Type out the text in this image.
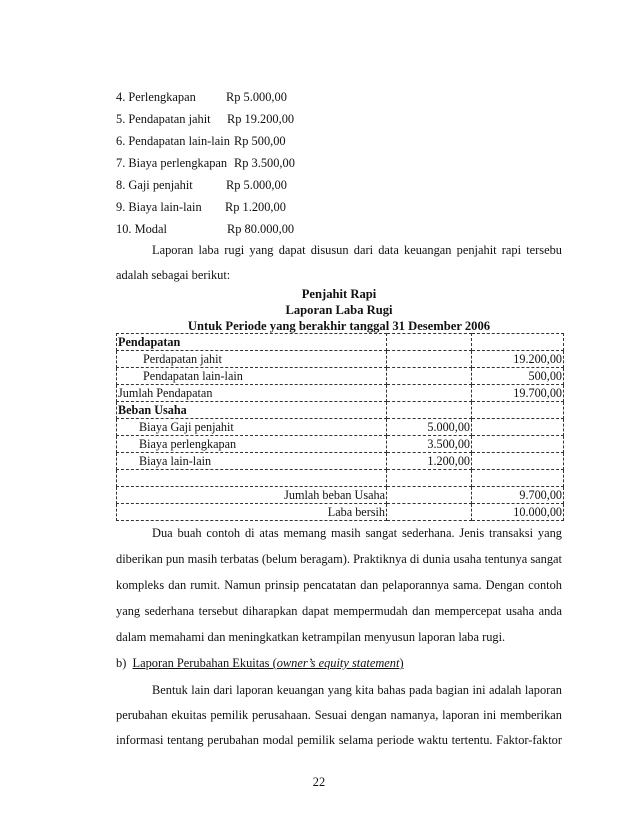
4. Perlengkapan Rp 5.000,00
5. Pendapatan jahit Rp 19.200,00
6. Pendapatan lain-lain Rp 500,00
7. Biaya perlengkapan Rp 3.500,00
8. Gaji penjahit	Rp 5.000,00
9. Biaya lain-lain Rp 1.200,00
10. Modal	Rp 80.000,00

Laporan laba rugi yang dapat disusun dari data keuangan penjahit rapi tersebu
adalah sebagai berikut:

Penjahit Rapi
Laporan Laba Rugi
Untuk Periode yang berakhir tanggal 31 Desember 2006
Pendapatan		
Perdapatan jahit		19.200,00
Pendapatan lain-lain		500,00
Jumlah Pendapatan		19.700,00
Beban Usaha		
Biaya Gaji penjahit	5.000,00	
Biaya perlengkapan	3.500,00	
Biaya lain-lain	1.200,00	

Jumlah beban Usaha		9.700,00
Laba bersih		10.000,00

Dua buah contoh di atas memang masih sangat sederhana. Jenis transaksi yang
diberikan pun masih terbatas (belum beragam). Praktiknya di dunia usaha tentunya sangat
kompleks dan rumit. Namun prinsip pencatatan dan pelaporannya sama. Dengan contoh
yang sederhana tersebut diharapkan dapat mempermudah dan mempercepat usaha anda
dalam memahami dan meningkatkan ketrampilan menyusun laporan laba rugi.

b) Laporan Perubahan Ekuitas (owner’s equity statement)

Bentuk lain dari laporan keuangan yang kita bahas pada bagian ini adalah laporan
perubahan ekuitas pemilik perusahaan. Sesuai dengan namanya, laporan ini memberikan
informasi tentang perubahan modal pemilik selama periode waktu tertentu. Faktor-faktor

22
